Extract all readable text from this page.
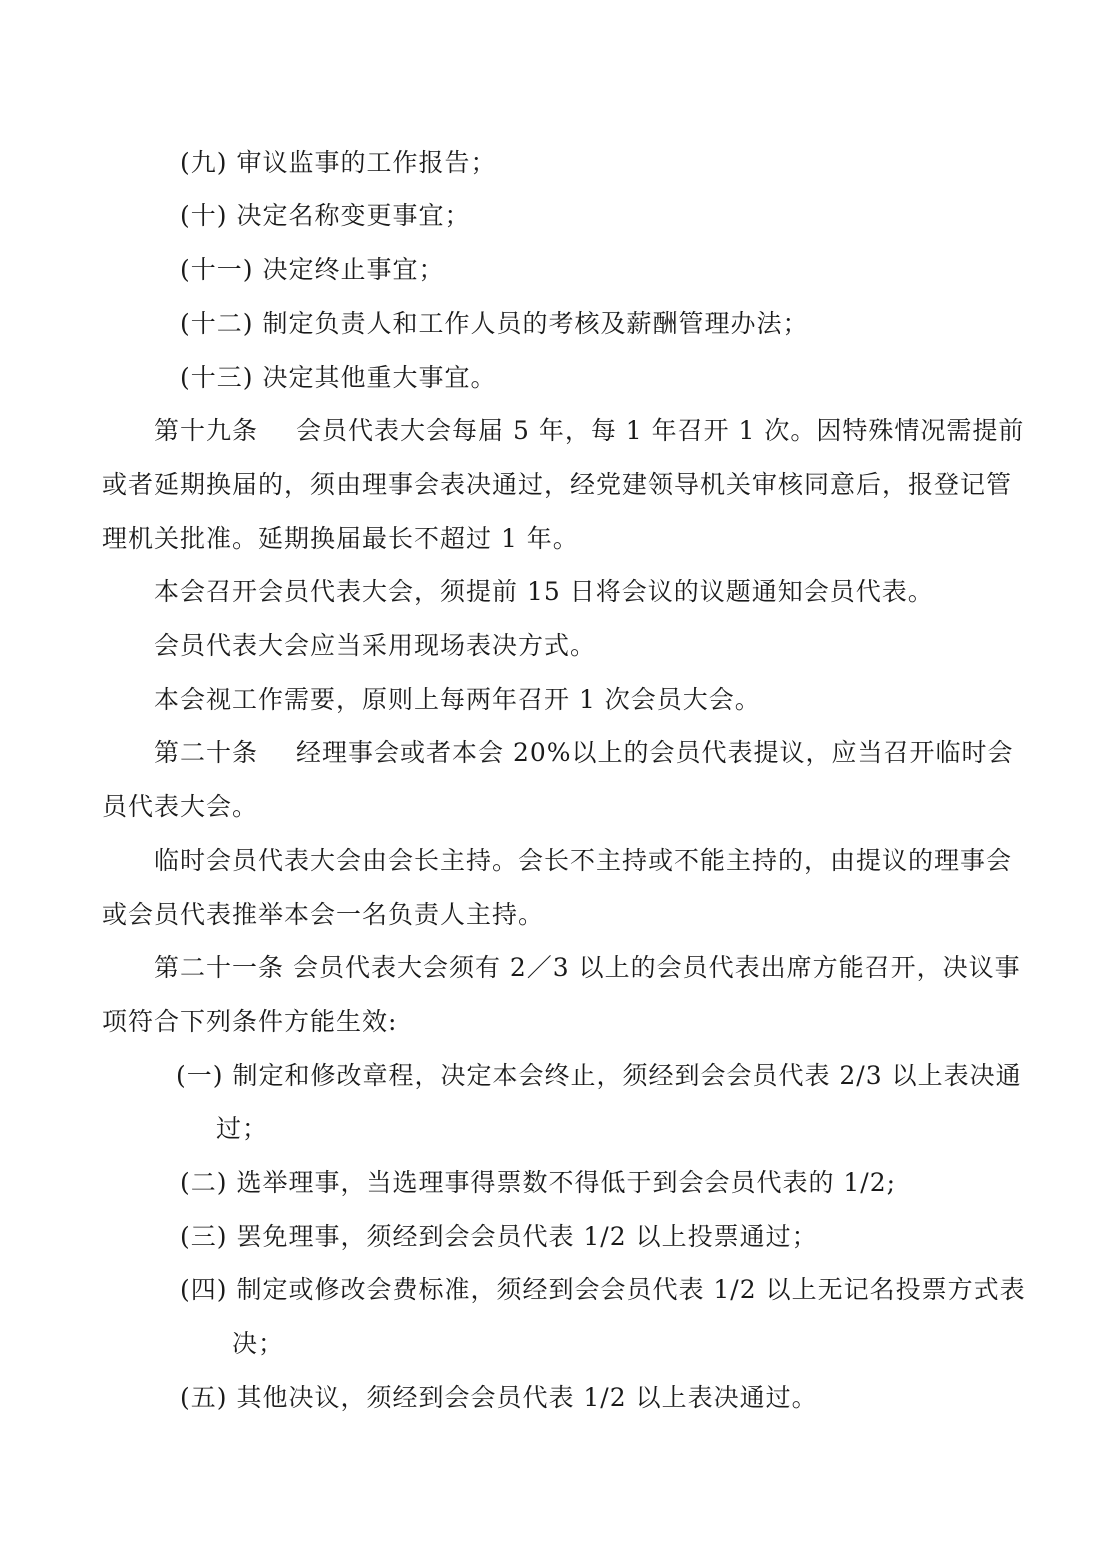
(九) 审议监事的工作报告；
(十) 决定名称变更事宜；
(十一) 决定终止事宜；
(十二) 制定负责人和工作人员的考核及薪酬管理办法；
(十三) 决定其他重大事宜。
第十九条 会员代表大会每届 5 年，每 1 年召开 1 次。因特殊情况需提前
或者延期换届的，须由理事会表决通过，经党建领导机关审核同意后，报登记管
理机关批准。延期换届最长不超过 1 年。
本会召开会员代表大会，须提前 15 日将会议的议题通知会员代表。
会员代表大会应当采用现场表决方式。
本会视工作需要，原则上每两年召开 1 次会员大会。
第二十条 经理事会或者本会 20%以上的会员代表提议，应当召开临时会
员代表大会。
临时会员代表大会由会长主持。会长不主持或不能主持的，由提议的理事会
或会员代表推举本会一名负责人主持。
第二十一条 会员代表大会须有 2／3 以上的会员代表出席方能召开，决议事
项符合下列条件方能生效:
(一) 制定和修改章程，决定本会终止，须经到会会员代表 2/3 以上表决通
过；
(二) 选举理事，当选理事得票数不得低于到会会员代表的 1/2;
(三) 罢免理事，须经到会会员代表 1/2 以上投票通过；
(四) 制定或修改会费标准，须经到会会员代表 1/2 以上无记名投票方式表
决；
(五) 其他决议，须经到会会员代表 1/2 以上表决通过。
